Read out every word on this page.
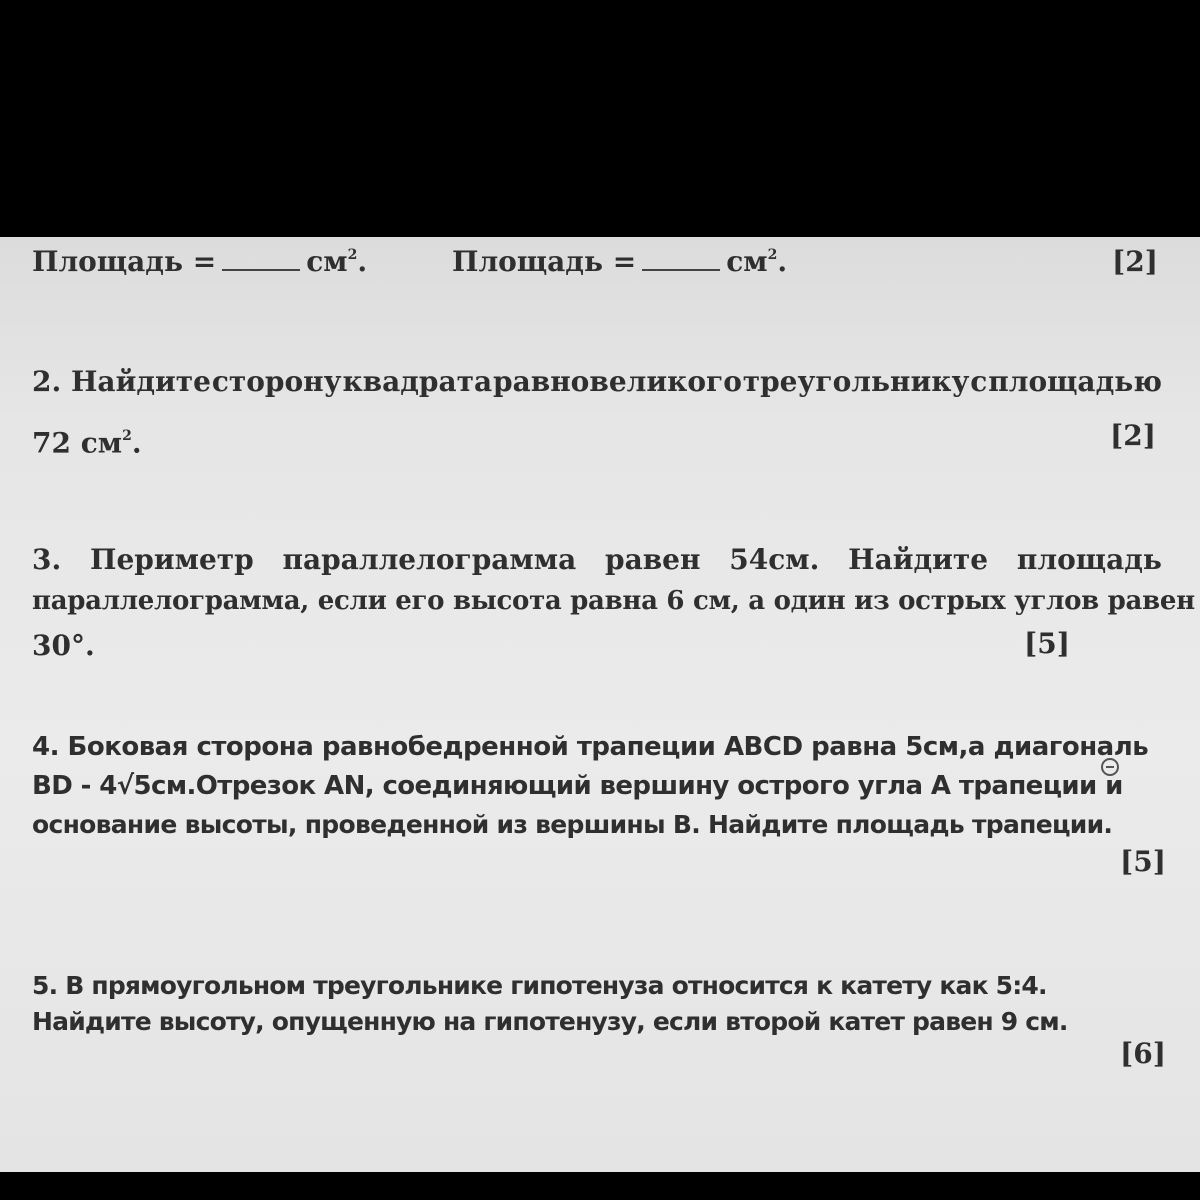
Площадь =	$см^2$.	Площадь =	$см^2$.	[2]
2. Найдите сторону квадрата равновеликого треугольнику с площадью
72 $см^2$.	[2]
3. Периметр параллелограмма равен 54см. Найдите площадь
параллелограмма, если его высота равна 6 см, а один из острых углов равен
30°.	[5]
4. Боковая сторона равнобедренной трапеции ABCD равна 5см,а диагональ
BD - 4√5см.Отрезок AN, соединяющий вершину острого угла А трапеции и
основание высоты, проведенной из вершины В. Найдите площадь трапеции.
[5]
5. В прямоугольном треугольнике гипотенуза относится к катету как 5:4.
Найдите высоту, опущенную на гипотенузу, если второй катет равен 9 см.
[6]
